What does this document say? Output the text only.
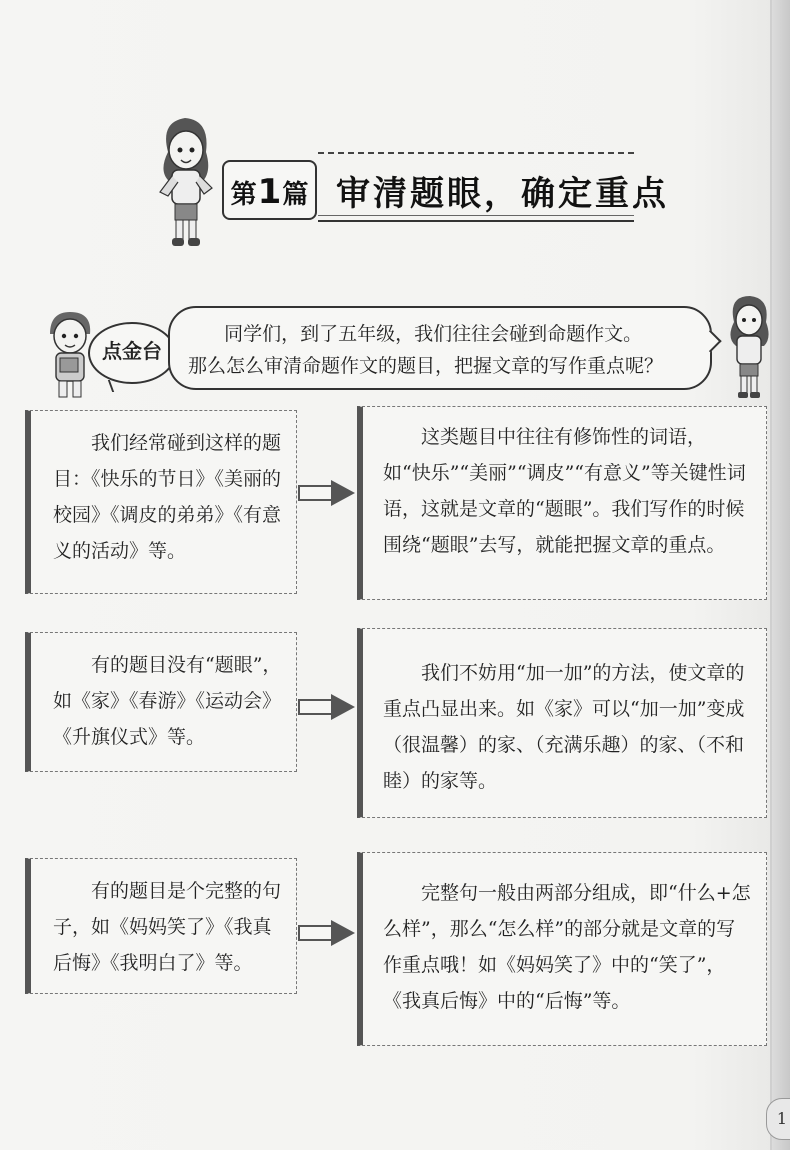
第 1 篇 审清题眼，确定重点
点金台

同学们，到了五年级，我们往往会碰到命题作文。

那么怎么审清命题作文的题目，把握文章的写作重点呢？

我们经常碰到这样的题目：《快乐的节日》《美丽的校园》《调皮的弟弟》《有意义的活动》等。

这类题目中往往有修饰性的词语，如“快乐”“美丽”“调皮”“有意义”等关键性词语，这就是文章的“题眼”。我们写作的时候围绕“题眼”去写，就能把握文章的重点。

有的题目没有“题眼”，如《家》《春游》《运动会》《升旗仪式》等。

我们不妨用“加一加”的方法，使文章的重点凸显出来。如《家》可以“加一加”变成（很温馨）的家、（充满乐趣）的家、（不和睦）的家等。

有的题目是个完整的句子，如《妈妈笑了》《我真后悔》《我明白了》等。

完整句一般由两部分组成，即“什么+怎么样”，那么“怎么样”的部分就是文章的写作重点哦！如《妈妈笑了》中的“笑了”，《我真后悔》中的“后悔”等。

1
